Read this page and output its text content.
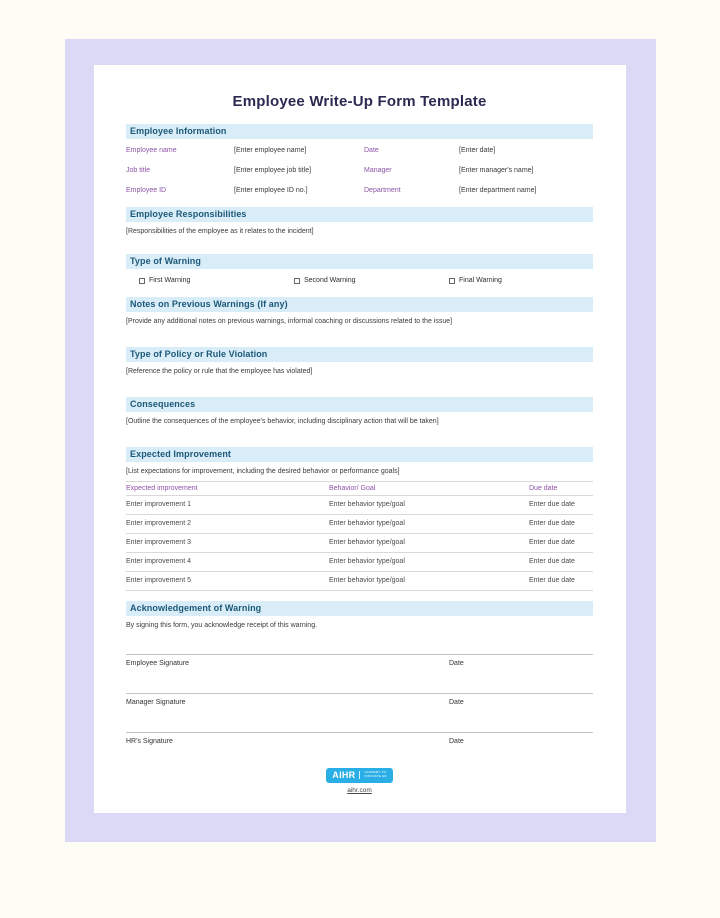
Employee Write-Up Form Template
Employee Information
Employee name	[Enter employee name]	Date	[Enter date]
Job title	[Enter employee job title]	Manager	[Enter manager's name]
Employee ID	[Enter employee ID no.]	Department	[Enter department name]
Employee Responsibilities
[Responsibilities of the employee as it relates to the incident]
Type of Warning
First Warning	Second Warning	Final Warning
Notes on Previous Warnings (If any)
[Provide any additional notes on previous warnings, informal coaching or discussions related to the issue]
Type of Policy or Rule Violation
[Reference the policy or rule that the employee has violated]
Consequences
[Outline the consequences of the employee's behavior, including disciplinary action that will be taken]
Expected Improvement
[List expectations for improvement, including the desired behavior or performance goals]
Expected improvement	Behavior/ Goal	Due date
Enter improvement 1	Enter behavior type/goal	Enter due date
Enter improvement 2	Enter behavior type/goal	Enter due date
Enter improvement 3	Enter behavior type/goal	Enter due date
Enter improvement 4	Enter behavior type/goal	Enter due date
Enter improvement 5	Enter behavior type/goal	Enter due date
Acknowledgement of Warning
By signing this form, you acknowledge receipt of this warning.
Employee Signature	Date
Manager Signature	Date
HR's Signature	Date
AIHR	ACADEMY TO
INNOVATE HR
aihr.com
